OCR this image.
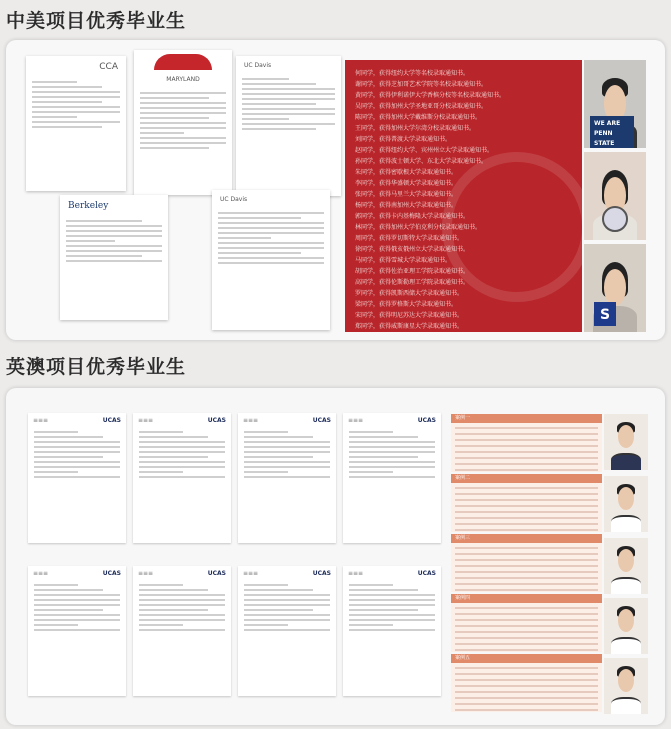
中美项目优秀毕业生
CCA
MARYLAND
UC Davis
Berkeley
UC Davis
何同学，获得纽约大学等名校录取通知书。
谢同学，获得芝加哥艺术学院等名校录取通知书。
黄同学，获得伊利诺伊大学香槟分校等名校录取通知书。
吴同学，获得加州大学圣地亚哥分校录取通知书。
陈同学，获得加州大学戴维斯分校录取通知书。
王同学，获得加州大学尔湾分校录取通知书。
刘同学，获得普渡大学录取通知书。
赵同学，获得纽约大学、宾州州立大学录取通知书。
孙同学，获得波士顿大学、东北大学录取通知书。
朱同学，获得密歇根大学录取通知书。
李同学，获得华盛顿大学录取通知书。
张同学，获得马里兰大学录取通知书。
杨同学，获得南加州大学录取通知书。
郭同学，获得卡内基梅隆大学录取通知书。
林同学，获得加州大学伯克利分校录取通知书。
周同学，获得罗切斯特大学录取通知书。
徐同学，获得俄亥俄州立大学录取通知书。
马同学，获得雪城大学录取通知书。
胡同学，获得佐治亚理工学院录取通知书。
高同学，获得伦斯勒理工学院录取通知书。
罗同学，获得凯斯西储大学录取通知书。
梁同学，获得罗格斯大学录取通知书。
宋同学，获得明尼苏达大学录取通知书。
郑同学，获得威斯康星大学录取通知书。
WE ARE PENN STATE
S
英澳项目优秀毕业生
≡≡≡	UCAS	≡≡≡	UCAS	≡≡≡	UCAS	≡≡≡	UCAS
≡≡≡	UCAS	≡≡≡	UCAS	≡≡≡	UCAS	≡≡≡	UCAS
案例一
案例二
案例三
案例四
案例五
